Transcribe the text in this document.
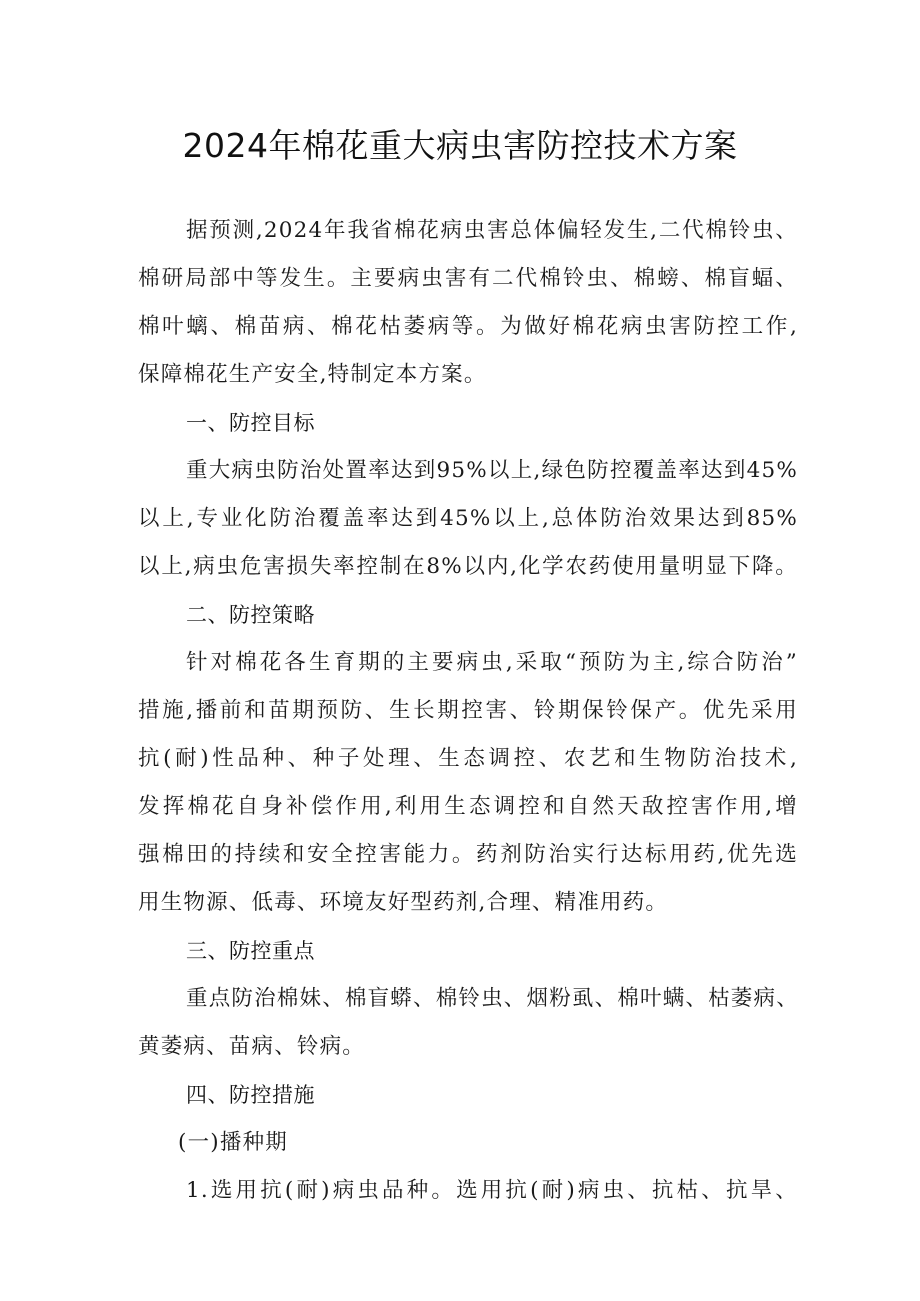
2024年棉花重大病虫害防控技术方案
据预测,2024年我省棉花病虫害总体偏轻发生,二代棉铃虫、
棉研局部中等发生。主要病虫害有二代棉铃虫、棉螃、棉盲蝠、
棉叶螭、棉苗病、棉花枯萎病等。为做好棉花病虫害防控工作,
保障棉花生产安全,特制定本方案。
一、防控目标
重大病虫防治处置率达到95%以上,绿色防控覆盖率达到45%
以上,专业化防治覆盖率达到45%以上,总体防治效果达到85%
以上,病虫危害损失率控制在8%以内,化学农药使用量明显下降。
二、防控策略
针对棉花各生育期的主要病虫,采取“预防为主,综合防治”
措施,播前和苗期预防、生长期控害、铃期保铃保产。优先采用
抗(耐)性品种、种子处理、生态调控、农艺和生物防治技术,
发挥棉花自身补偿作用,利用生态调控和自然天敌控害作用,增
强棉田的持续和安全控害能力。药剂防治实行达标用药,优先选
用生物源、低毒、环境友好型药剂,合理、精准用药。
三、防控重点
重点防治棉妹、棉盲蟒、棉铃虫、烟粉虱、棉叶螨、枯萎病、
黄萎病、苗病、铃病。
四、防控措施
(一)播种期
1.选用抗(耐)病虫品种。选用抗(耐)病虫、抗枯、抗旱、
